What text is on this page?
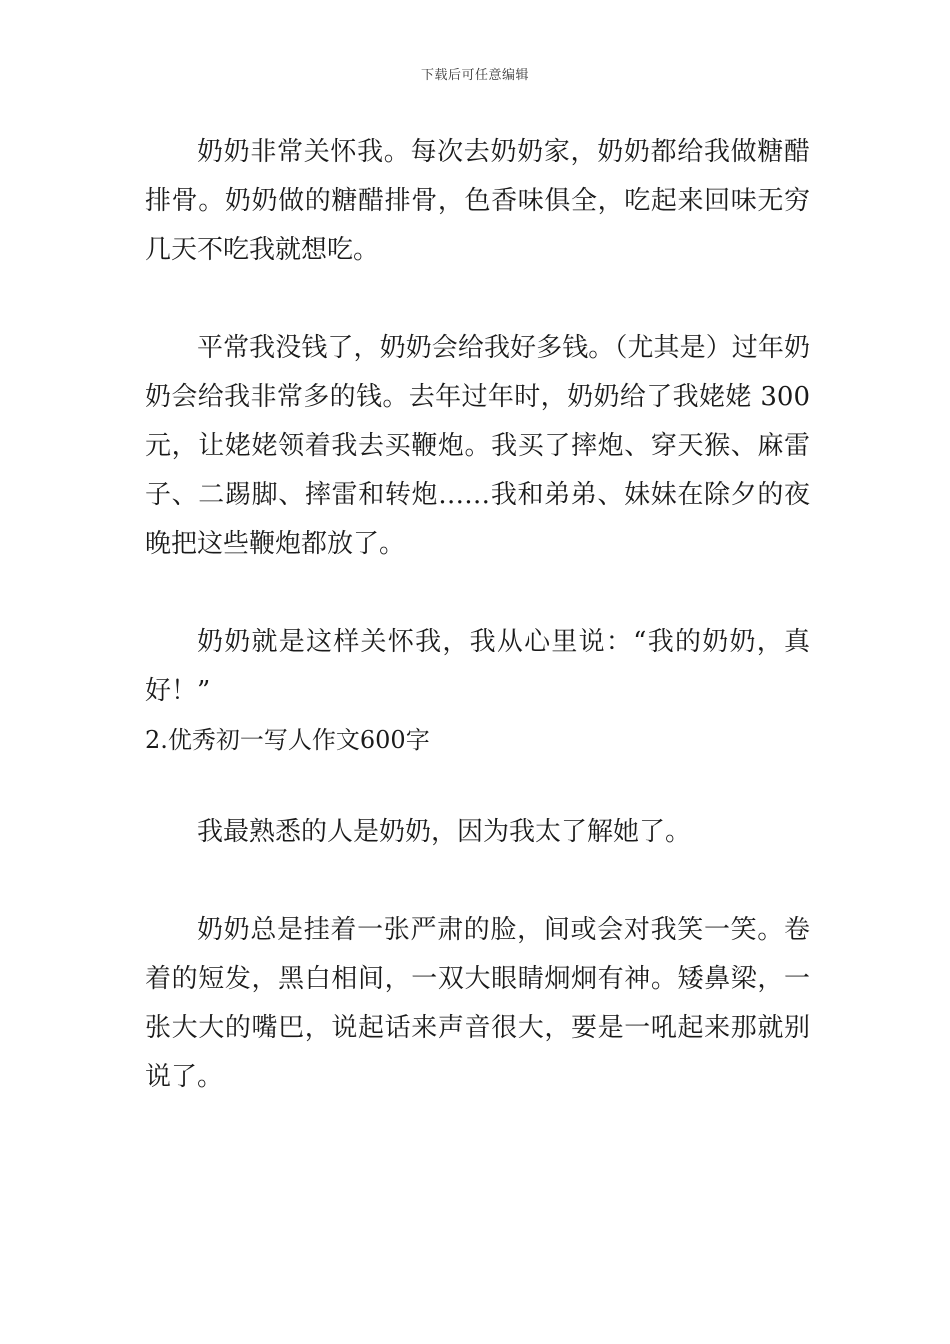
下载后可任意编辑

奶奶非常关怀我。每次去奶奶家，奶奶都给我做糖醋排骨。奶奶做的糖醋排骨，色香味俱全，吃起来回味无穷几天不吃我就想吃。

平常我没钱了，奶奶会给我好多钱。（尤其是）过年奶奶会给我非常多的钱。去年过年时，奶奶给了我姥姥 300元，让姥姥领着我去买鞭炮。我买了摔炮、穿天猴、麻雷子、二踢脚、摔雷和转炮……我和弟弟、妹妹在除夕的夜晚把这些鞭炮都放了。

奶奶就是这样关怀我，我从心里说：“我的奶奶，真好！”

2.优秀初一写人作文600字

我最熟悉的人是奶奶，因为我太了解她了。

奶奶总是挂着一张严肃的脸，间或会对我笑一笑。卷着的短发，黑白相间，一双大眼睛炯炯有神。矮鼻梁，一张大大的嘴巴，说起话来声音很大，要是一吼起来那就别说了。
